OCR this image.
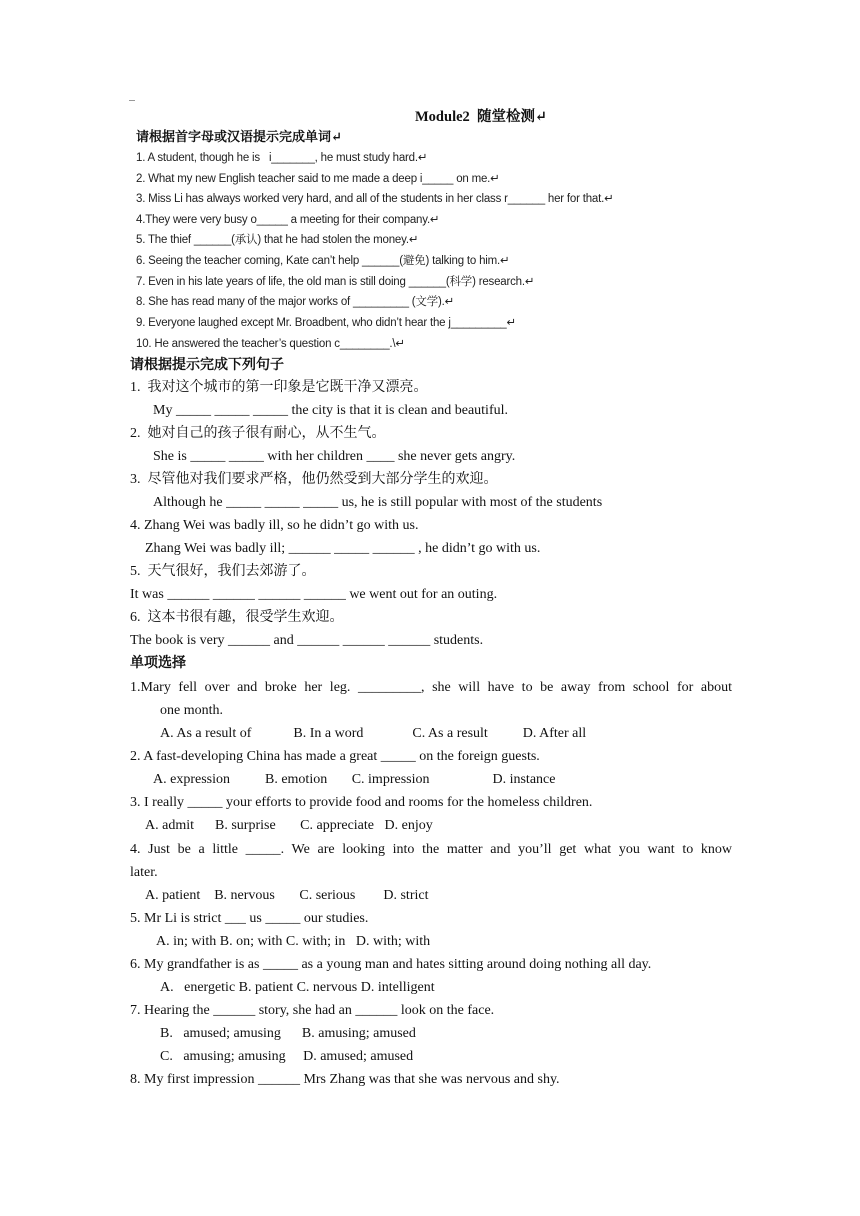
Module2  随堂检测↵
请根据首字母或汉语提示完成单词↵
1. A student, though he is   i_______, he must study hard.↵
2. What my new English teacher said to me made a deep i_____ on me.↵
3. Miss Li has always worked very hard, and all of the students in her class r______ her for that.↵
4.They were very busy o_____ a meeting for their company.↵
5. The thief ______(承认) that he had stolen the money.↵
6. Seeing the teacher coming, Kate can’t help ______(避免) talking to him.↵
7. Even in his late years of life, the old man is still doing ______(科学) research.↵
8. She has read many of the major works of _________ (文学).↵
9. Everyone laughed except Mr. Broadbent, who didn’t hear the j_________↵
10. He answered the teacher’s question c________.\↵
请根据提示完成下列句子
1.  我对这个城市的第一印象是它既干净又漂亮。
My _____ _____ _____ the city is that it is clean and beautiful.
2.  她对自己的孩子很有耐心，从不生气。
She is _____ _____ with her children ____ she never gets angry.
3.  尽管他对我们要求严格，他仍然受到大部分学生的欢迎。
Although he _____ _____ _____ us, he is still popular with most of the students
4. Zhang Wei was badly ill, so he didn’t go with us.
Zhang Wei was badly ill; ______ _____ ______ , he didn’t go with us.
5.  天气很好，我们去郊游了。
It was ______ ______ ______ ______ we went out for an outing.
6.  这本书很有趣，很受学生欢迎。
The book is very ______ and ______ ______ ______ students.
单项选择
1.Mary fell over and broke her leg. _________, she will have to be away from school for about
one month.
A. As a result of            B. In a word              C. As a result          D. After all
2. A fast-developing China has made a great _____ on the foreign guests.
A. expression          B. emotion       C. impression                  D. instance
3. I really _____ your efforts to provide food and rooms for the homeless children.
A. admit      B. surprise       C. appreciate   D. enjoy
4. Just be a little _____. We are looking into the matter and you’ll get what you want to know
later.
A. patient    B. nervous       C. serious        D. strict
5. Mr Li is strict ___ us _____ our studies.
A. in; with B. on; with C. with; in   D. with; with
6. My grandfather is as _____ as a young man and hates sitting around doing nothing all day.
A.   energetic B. patient C. nervous D. intelligent
7. Hearing the ______ story, she had an ______ look on the face.
B.   amused; amusing      B. amusing; amused
C.   amusing; amusing     D. amused; amused
8. My first impression ______ Mrs Zhang was that she was nervous and shy.
